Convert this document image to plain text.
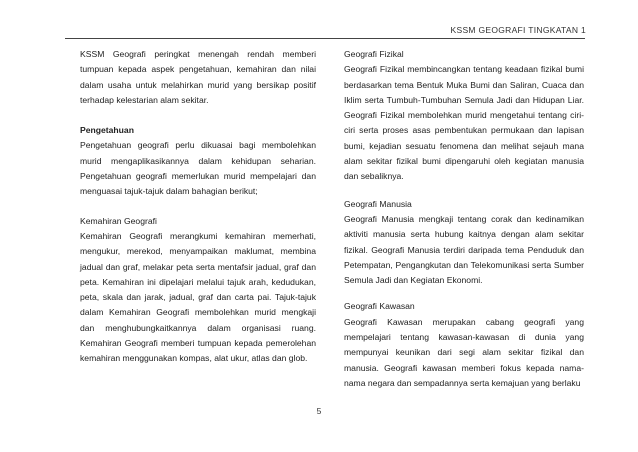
KSSM GEOGRAFI TINGKATAN 1

KSSM Geografi peringkat menengah rendah memberi tumpuan kepada aspek pengetahuan, kemahiran dan nilai dalam usaha untuk melahirkan murid yang bersikap positif terhadap kelestarian alam sekitar.

Pengetahuan

Pengetahuan geografi perlu dikuasai bagi membolehkan murid mengaplikasikannya dalam kehidupan seharian. Pengetahuan geografi memerlukan murid mempelajari dan menguasai tajuk-tajuk dalam bahagian berikut;

Kemahiran Geografi

Kemahiran Geografi merangkumi kemahiran memerhati, mengukur, merekod, menyampaikan maklumat, membina jadual dan graf, melakar peta serta mentafsir jadual, graf dan peta. Kemahiran ini dipelajari melalui tajuk arah, kedudukan, peta, skala dan jarak, jadual, graf dan carta pai. Tajuk-tajuk dalam Kemahiran Geografi membolehkan murid mengkaji dan menghubungkaitkannya dalam organisasi ruang. Kemahiran Geografi memberi tumpuan kepada pemerolehan kemahiran menggunakan kompas, alat ukur, atlas dan glob.

Geografi Fizikal

Geografi Fizikal membincangkan tentang keadaan fizikal bumi berdasarkan tema Bentuk Muka Bumi dan Saliran, Cuaca dan Iklim serta Tumbuh-Tumbuhan Semula Jadi dan Hidupan Liar. Geografi Fizikal membolehkan murid mengetahui tentang ciri-ciri serta proses asas pembentukan permukaan dan lapisan bumi, kejadian sesuatu fenomena dan melihat sejauh mana alam sekitar fizikal bumi dipengaruhi oleh kegiatan manusia dan sebaliknya.

Geografi Manusia

Geografi Manusia mengkaji tentang corak dan kedinamikan aktiviti manusia serta hubung kaitnya dengan alam sekitar fizikal. Geografi Manusia terdiri daripada tema Penduduk dan Petempatan, Pengangkutan dan Telekomunikasi serta Sumber Semula Jadi dan Kegiatan Ekonomi.

Geografi Kawasan

Geografi Kawasan merupakan cabang geografi yang mempelajari tentang kawasan-kawasan di dunia yang mempunyai keunikan dari segi alam sekitar fizikal dan manusia. Geografi kawasan memberi fokus kepada nama-nama negara dan sempadannya serta kemajuan yang berlaku

5
